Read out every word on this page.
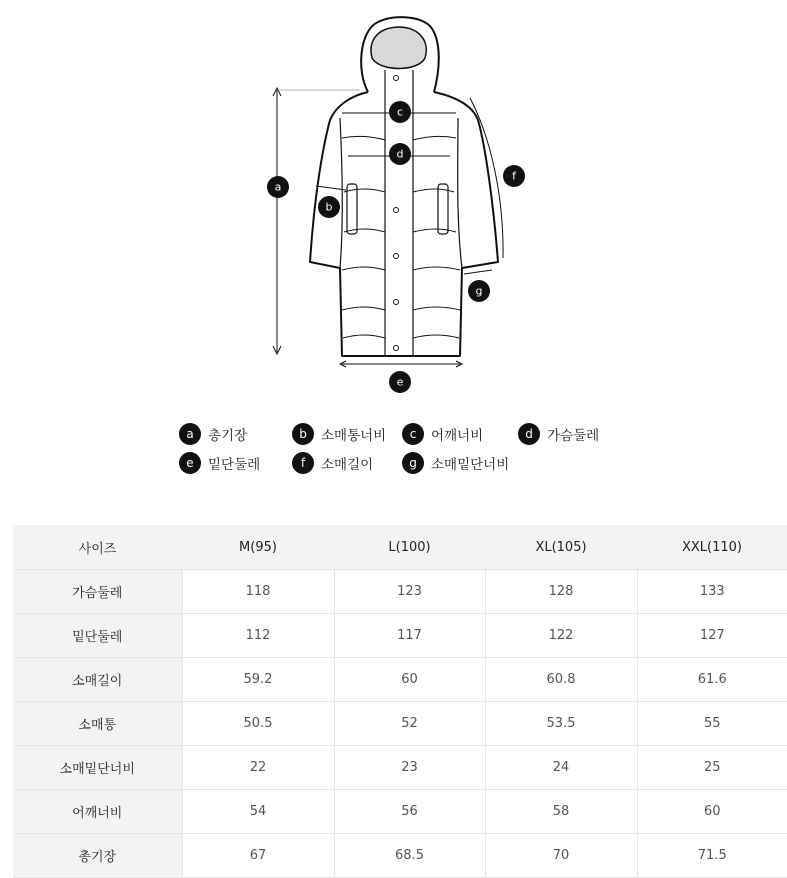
a
b
c
d
e
f
g
a	총기장	b	소매통너비	c	어깨너비	d	가슴둘레
e	밑단둘레	f	소매길이	g	소매밑단너비
사이즈	M(95)	L(100)	XL(105)	XXL(110)
가슴둘레	118	123	128	133
밑단둘레	112	117	122	127
소매길이	59.2	60	60.8	61.6
소매통	50.5	52	53.5	55
소매밑단너비	22	23	24	25
어깨너비	54	56	58	60
총기장	67	68.5	70	71.5
